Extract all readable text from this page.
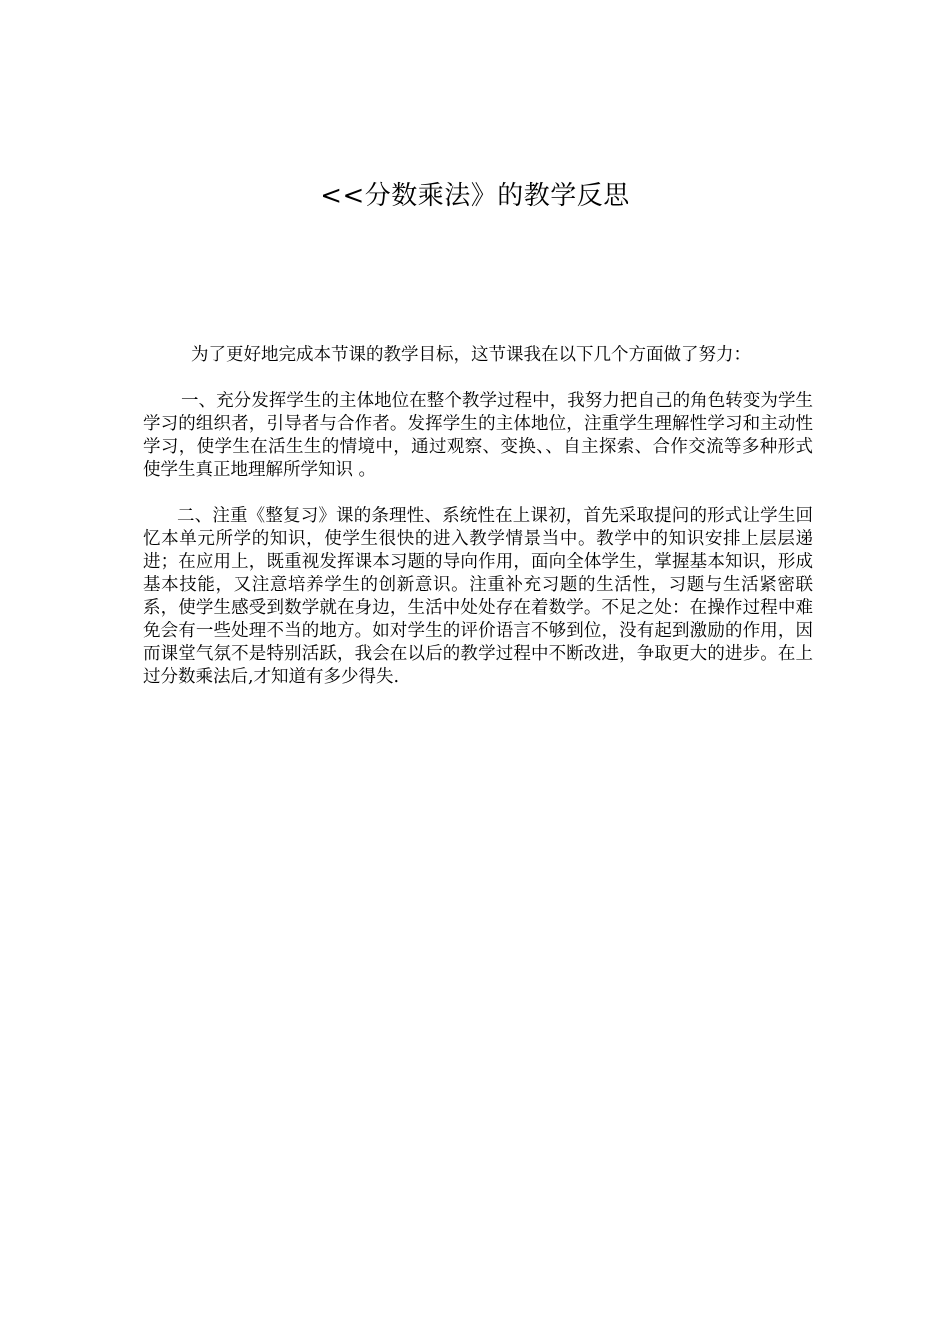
<<分数乘法》的教学反思

为了更好地完成本节课的教学目标，这节课我在以下几个方面做了努力：

一、充分发挥学生的主体地位在整个教学过程中，我努力把自己的角色转变为学生学习的组织者，引导者与合作者。发挥学生的主体地位，注重学生理解性学习和主动性学习，使学生在活生生的情境中，通过观察、变换、、自主探索、合作交流等多种形式使学生真正地理解所学知识 。

二、注重《整复习》课的条理性、系统性在上课初，首先采取提问的形式让学生回忆本单元所学的知识，使学生很快的进入教学情景当中。教学中的知识安排上层层递进；在应用上，既重视发挥课本习题的导向作用，面向全体学生，掌握基本知识，形成基本技能，又注意培养学生的创新意识。注重补充习题的生活性，习题与生活紧密联系，使学生感受到数学就在身边，生活中处处存在着数学。不足之处：在操作过程中难免会有一些处理不当的地方。如对学生的评价语言不够到位，没有起到激励的作用，因而课堂气氛不是特别活跃，我会在以后的教学过程中不断改进，争取更大的进步。在上过分数乘法后,才知道有多少得失.
